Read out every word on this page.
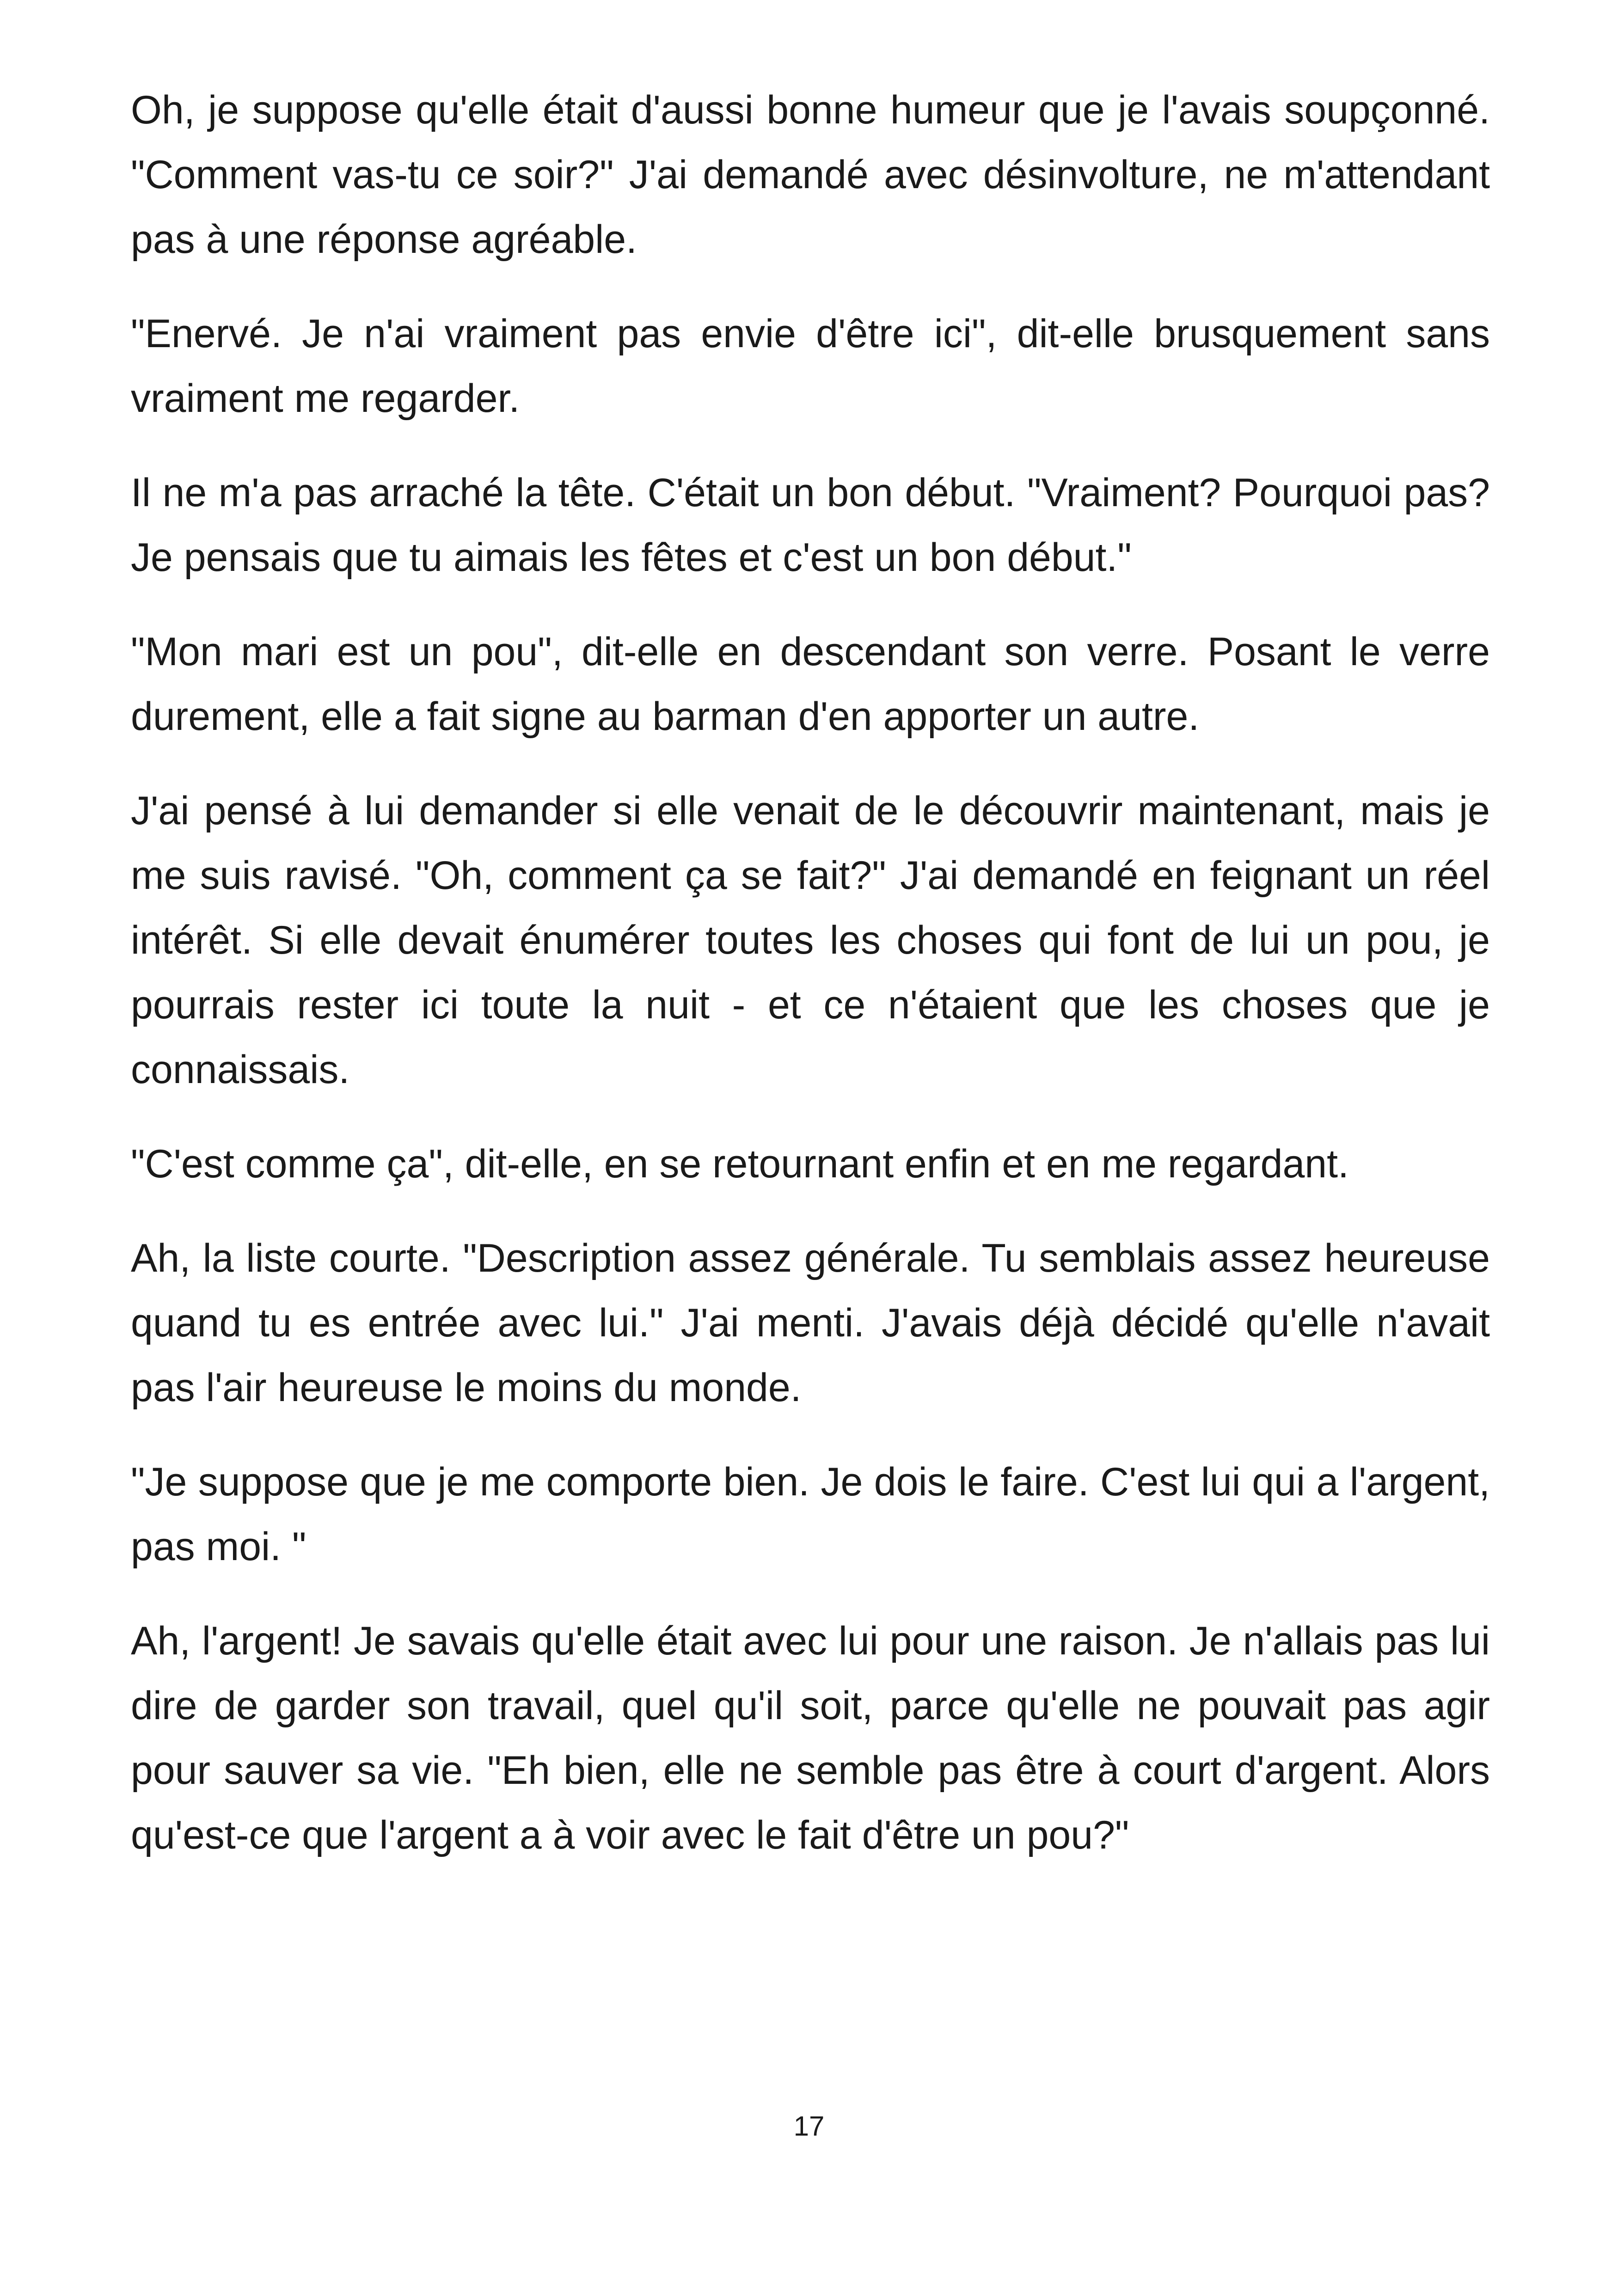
Oh, je suppose qu'elle était d'aussi bonne humeur que je l'avais soupçonné. "Comment vas-tu ce soir?" J'ai demandé avec désinvolture, ne m'attendant pas à une réponse agréable.

"Enervé. Je n'ai vraiment pas envie d'être ici", dit-elle brusquement sans vraiment me regarder.

Il ne m'a pas arraché la tête. C'était un bon début. "Vraiment? Pourquoi pas? Je pensais que tu aimais les fêtes et c'est un bon début."

"Mon mari est un pou", dit-elle en descendant son verre. Posant le verre durement, elle a fait signe au barman d'en apporter un autre.

J'ai pensé à lui demander si elle venait de le découvrir maintenant, mais je me suis ravisé. "Oh, comment ça se fait?" J'ai demandé en feignant un réel intérêt. Si elle devait énumérer toutes les choses qui font de lui un pou, je pourrais rester ici toute la nuit - et ce n'étaient que les choses que je connaissais.

"C'est comme ça", dit-elle, en se retournant enfin et en me regardant.

Ah, la liste courte. "Description assez générale. Tu semblais assez heureuse quand tu es entrée avec lui." J'ai menti. J'avais déjà décidé qu'elle n'avait pas l'air heureuse le moins du monde.

"Je suppose que je me comporte bien. Je dois le faire. C'est lui qui a l'argent, pas moi. "

Ah, l'argent! Je savais qu'elle était avec lui pour une raison. Je n'allais pas lui dire de garder son travail, quel qu'il soit, parce qu'elle ne pouvait pas agir pour sauver sa vie. "Eh bien, elle ne semble pas être à court d'argent. Alors qu'est-ce que l'argent a à voir avec le fait d'être un pou?"

17
